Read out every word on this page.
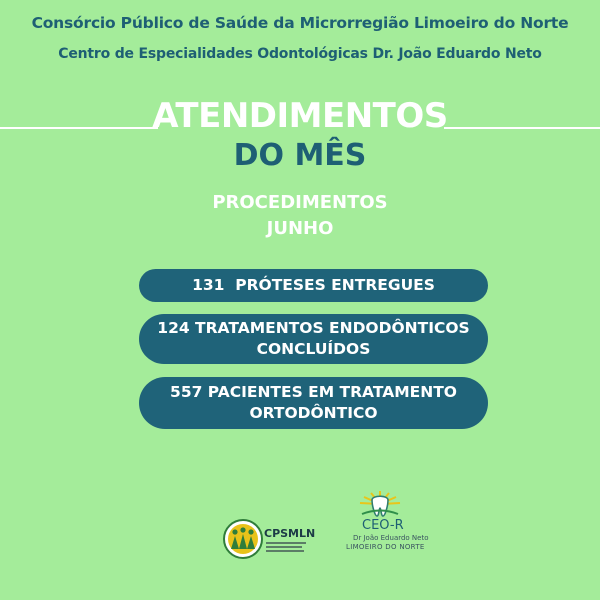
Consórcio Público de Saúde da Microrregião Limoeiro do Norte
Centro de Especialidades Odontológicas Dr. João Eduardo Neto
ATENDIMENTOS
DO MÊS
PROCEDIMENTOS
JUNHO
131  PRÓTESES ENTREGUES
124 TRATAMENTOS ENDODÔNTICOS
CONCLUÍDOS
557 PACIENTES EM TRATAMENTO
ORTODÔNTICO
CPSMLN
CEO-R
Dr João Eduardo Neto
LIMOEIRO DO NORTE
